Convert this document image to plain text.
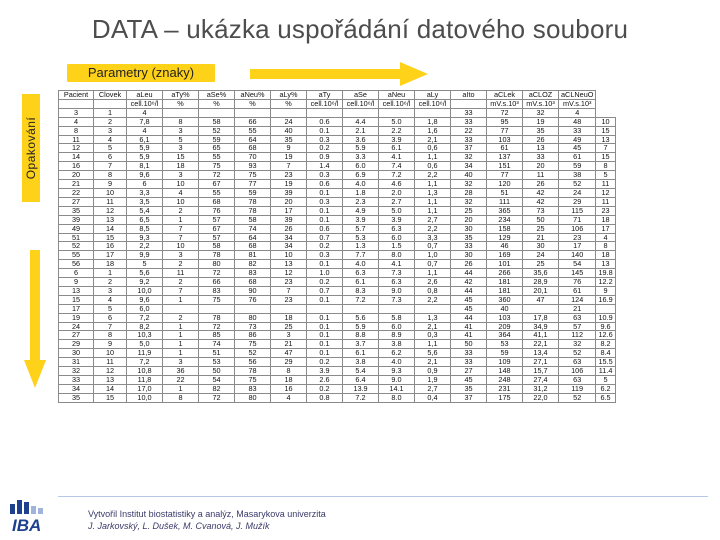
DATA – ukázka uspořádání datového souboru
Parametry (znaky)
Opakování
Pacient	Clovek	aLeu	aTy%	aSe%	aNeu%	aLy%	aTy	aSe	aNeu	aLy	aIto	aCLek	aCLOZ	aCLNeuO	
		cell.10⁶/l	%	%	%	%	cell.10⁶/l	cell.10⁶/l	cell.10⁶/l	cell.10⁶/l		mV.s.10³	mV.s.10³	mV.s.10³	
3	1	4									33	72	32	4	
4	2	7,8	8	58	66	24	0.6	4.4	5.0	1,8	33	95	19	48	10
8	3	4	3	52	55	40	0.1	2.1	2.2	1,6	22	77	35	33	15
11	4	6,1	5	59	64	35	0.3	3.6	3.9	2,1	33	103	26	49	13
12	5	5,9	3	65	68	9	0.2	5.9	6.1	0,6	37	61	13	45	7
14	6	5,9	15	55	70	19	0.9	3.3	4.1	1,1	32	137	33	61	15
16	7	8,1	18	75	93	7	1.4	6.0	7.4	0,6	34	151	20	59	8
20	8	9,6	3	72	75	23	0.3	6.9	7.2	2,2	40	77	11	38	5
21	9	6	10	67	77	19	0.6	4.0	4.6	1,1	32	120	26	52	11
22	10	3,3	4	55	59	39	0.1	1.8	2.0	1,3	28	51	42	24	12
27	11	3,5	10	68	78	20	0.3	2.3	2.7	1,1	32	111	42	29	11
35	12	5,4	2	76	78	17	0.1	4.9	5.0	1,1	25	365	73	115	23
39	13	6,5	1	57	58	39	0.1	3.9	3.9	2,7	20	234	50	71	18
49	14	8,5	7	67	74	26	0.6	5.7	6.3	2,2	30	158	25	106	17
51	15	9,3	7	57	64	34	0.7	5.3	6.0	3,3	35	129	21	23	4
52	16	2,2	10	58	68	34	0.2	1.3	1.5	0,7	33	46	30	17	8
55	17	9,9	3	78	81	10	0.3	7.7	8.0	1,0	30	169	24	140	18
56	18	5	2	80	82	13	0.1	4.0	4.1	0,7	26	101	25	54	13
6	1	5,6	11	72	83	12	1.0	6.3	7.3	1,1	44	266	35,6	145	19.8
9	2	9,2	2	66	68	23	0.2	6.1	6.3	2,6	42	181	28,9	76	12.2
13	3	10,0	7	83	90	7	0.7	8.3	9.0	0,8	44	181	20,1	61	9
15	4	9,6	1	75	76	23	0.1	7.2	7.3	2,2	45	360	47	124	16.9
17	5	6,0									45	40		21	
19	6	7,2	2	78	80	18	0.1	5.6	5.8	1,3	44	103	17,8	63	10.9
24	7	8,2	1	72	73	25	0.1	5.9	6.0	2,1	41	209	34,9	57	9.6
27	8	10,3	1	85	86	3	0.1	8.8	8.9	0,3	41	364	41,1	112	12.6
29	9	5,0	1	74	75	21	0.1	3.7	3.8	1,1	50	53	22,1	32	8.2
30	10	11,9	1	51	52	47	0.1	6.1	6.2	5,6	33	59	13,4	52	8.4
31	11	7,2	3	53	56	29	0.2	3.8	4.0	2,1	33	109	27,1	63	15.5
32	12	10,8	36	50	78	8	3.9	5.4	9.3	0,9	27	148	15,7	106	11.4
33	13	11,8	22	54	75	18	2.6	6.4	9.0	1,9	45	248	27,4	63	5
34	14	17,0	1	82	83	16	0.2	13.9	14.1	2,7	35	231	31,2	119	6.2
35	15	10,0	8	72	80	4	0.8	7.2	8.0	0,4	37	175	22,0	52	6.5
IBA
Vytvořil Institut biostatistiky a analýz, Masarykova univerzita
J. Jarkovský, L. Dušek, M. Cvanová, J. Mužík
